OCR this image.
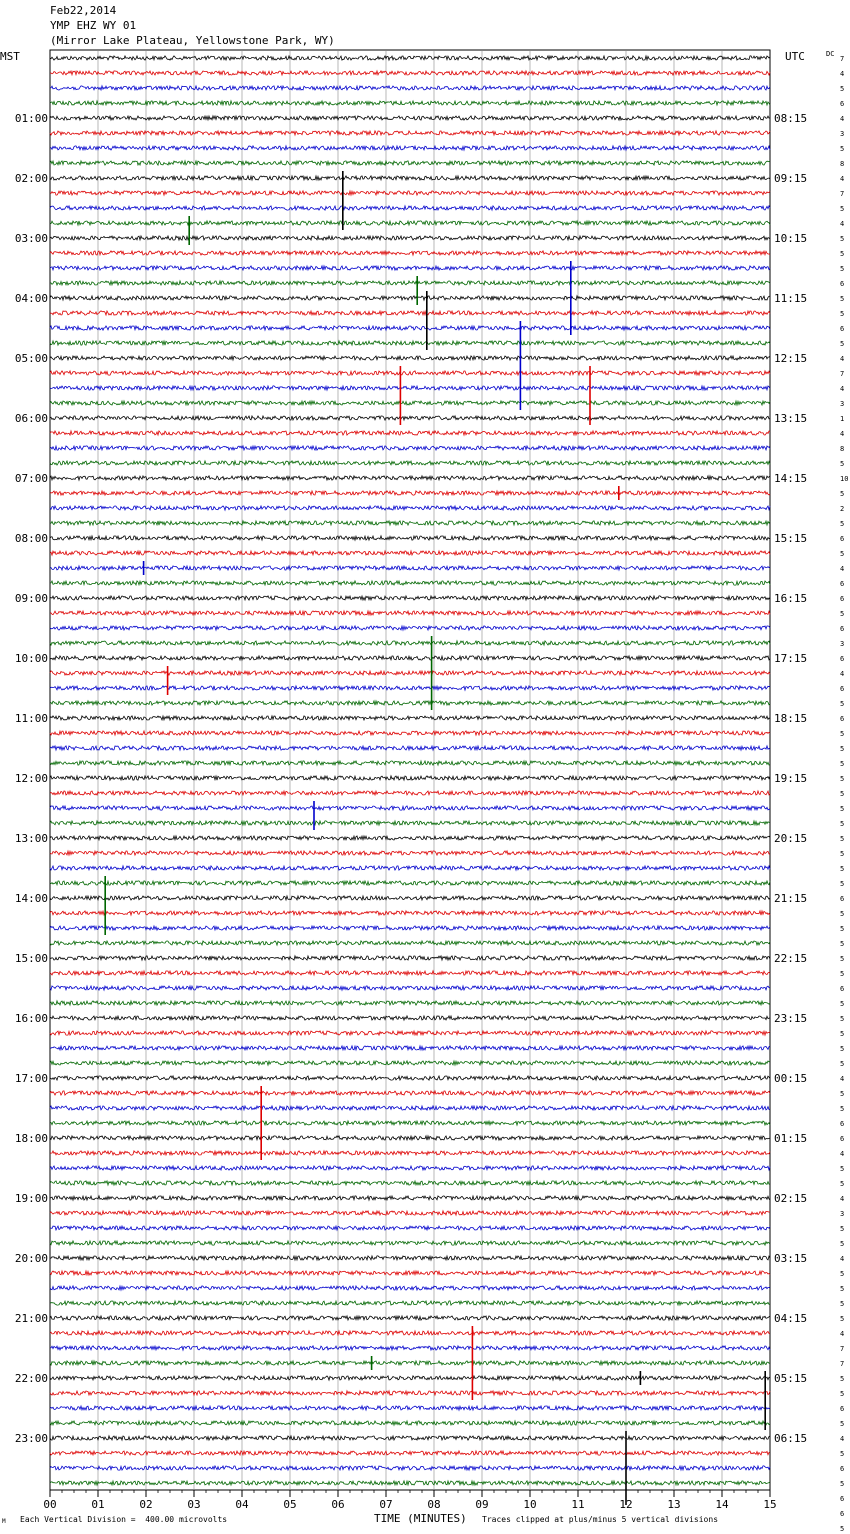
Feb22,2014
YMP EHZ WY 01
(Mirror Lake Plateau, Yellowstone Park, WY)
MST	UTC	DC
01:00
02:00
03:00
04:00
05:00
06:00
07:00
08:00
09:00
10:00
11:00
12:00
13:00
14:00
15:00
16:00
17:00
18:00
19:00
20:00
21:00
22:00
23:00
08:15
09:15
10:15
11:15
12:15
13:15
14:15
15:15
16:15
17:15
18:15
19:15
20:15
21:15
22:15
23:15
00:15
01:15
02:15
03:15
04:15
05:15
06:15
7
4
5
6
4
3
5
8
4
7
5
4
5
5
5
6
5
5
6
5
4
7
4
3
1
4
8
5
10
5
2
5
6
5
4
6
6
5
6
3
6
4
6
5
6
5
5
5
5
5
5
5
5
5
5
5
6
5
5
5
5
5
6
5
5
5
5
5
4
5
5
6
6
4
5
5
4
3
5
5
4
5
5
5
5
4
7
7
5
5
6
5
4
5
6
5
6
6
5
00	01	02	03	04	05	06	07	08	09	10	11	12	13	14	15
M Each Vertical Division =  400.00 microvolts	TIME (MINUTES) Traces clipped at plus/minus 5 vertical divisions
